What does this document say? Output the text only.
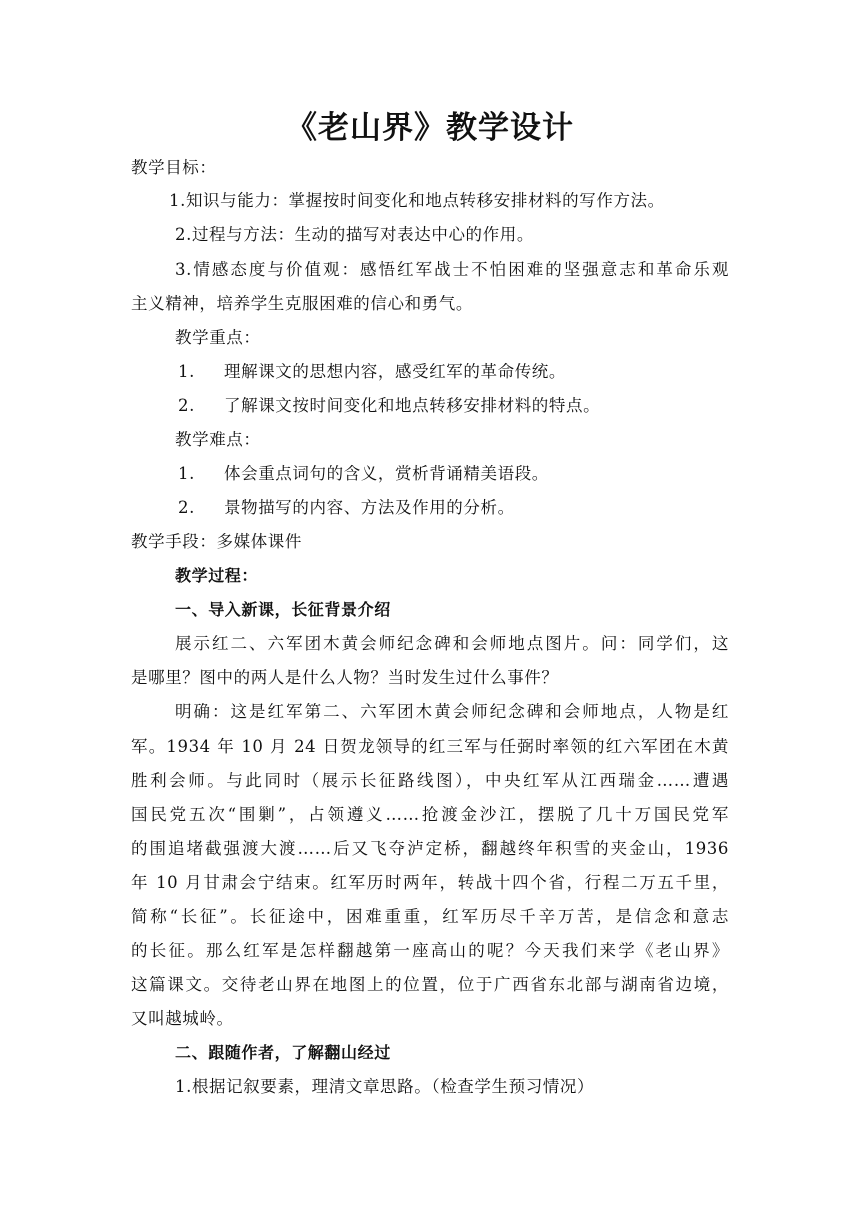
《老山界》教学设计
教学目标：
1.知识与能力：掌握按时间变化和地点转移安排材料的写作方法。
2.过程与方法：生动的描写对表达中心的作用。
3.情感态度与价值观：感悟红军战士不怕困难的坚强意志和革命乐观
主义精神，培养学生克服困难的信心和勇气。
教学重点：
1. 理解课文的思想内容，感受红军的革命传统。
2. 了解课文按时间变化和地点转移安排材料的特点。
教学难点：
1. 体会重点词句的含义，赏析背诵精美语段。
2. 景物描写的内容、方法及作用的分析。
教学手段：多媒体课件
教学过程：
一、导入新课，长征背景介绍
展示红二、六军团木黄会师纪念碑和会师地点图片。问：同学们，这
是哪里？图中的两人是什么人物？当时发生过什么事件？
明确：这是红军第二、六军团木黄会师纪念碑和会师地点，人物是红
军。1934 年 10 月 24 日贺龙领导的红三军与任弼时率领的红六军团在木黄
胜利会师。与此同时（展示长征路线图），中央红军从江西瑞金……遭遇
国民党五次“围剿”，占领遵义……抢渡金沙江，摆脱了几十万国民党军
的围追堵截强渡大渡……后又飞夺泸定桥，翻越终年积雪的夹金山，1936
年 10 月甘肃会宁结束。红军历时两年，转战十四个省，行程二万五千里，
简称“长征”。长征途中，困难重重，红军历尽千辛万苦，是信念和意志
的长征。那么红军是怎样翻越第一座高山的呢？今天我们来学《老山界》
这篇课文。交待老山界在地图上的位置，位于广西省东北部与湖南省边境，
又叫越城岭。
二、跟随作者，了解翻山经过
1.根据记叙要素，理清文章思路。（检查学生预习情况）
